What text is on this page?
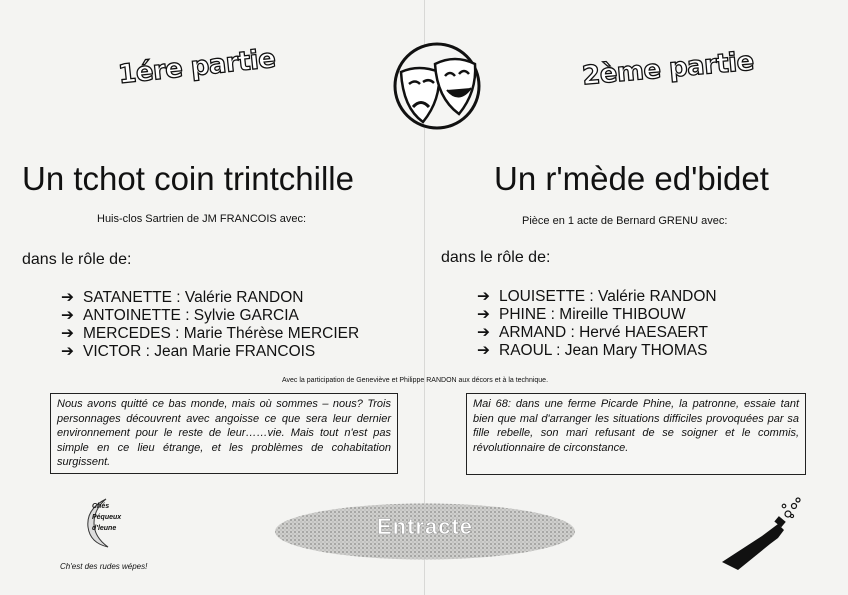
1ére partie	2ème partie
Un tchot coin trintchille	Un r'mède ed'bidet
Huis-clos Sartrien de JM FRANCOIS avec:	Pièce en 1 acte de Bernard GRENU avec:
dans le rôle de:	dans le rôle de:
➔ SATANETTE : Valérie RANDON
➔ ANTOINETTE : Sylvie GARCIA
➔ MERCEDES : Marie Thérèse MERCIER
➔ VICTOR : Jean Marie FRANCOIS
➔ LOUISETTE : Valérie RANDON
➔ PHINE : Mireille THIBOUW
➔ ARMAND : Hervé HAESAERT
➔ RAOUL : Jean Mary THOMAS
Avec la participation de Geneviève et Philippe RANDON aux décors et à la technique.
Nous avons quitté ce bas monde, mais où sommes – nous? Trois personnages découvrent avec angoisse ce que sera leur dernier environnement pour le reste de leur……vie. Mais tout n'est pas simple en ce lieu étrange, et les problèmes de cohabitation surgissent.
Mai 68: dans une ferme Picarde Phine, la patronne, essaie tant bien que mal d'arranger les situations difficiles provoquées par sa fille rebelle, son mari refusant de se soigner et le commis, révolutionnaire de circonstance.
Chés
Péqueux
d'leune
Ch'est des rudes wépes!
Entracte
